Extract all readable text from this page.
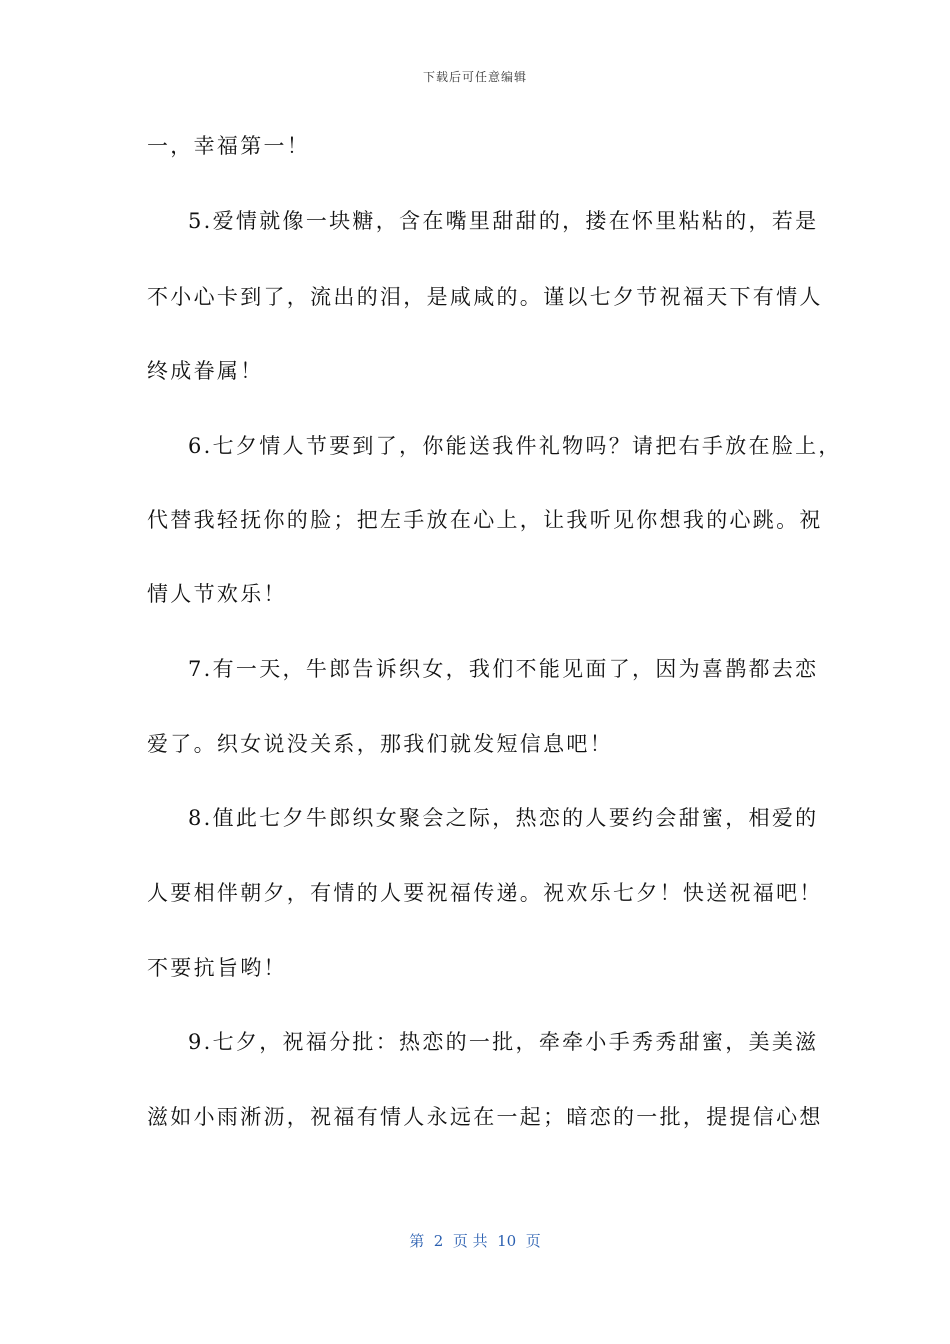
下载后可任意编辑
一，幸福第一！
5.爱情就像一块糖，含在嘴里甜甜的，搂在怀里粘粘的，若是
不小心卡到了，流出的泪，是咸咸的。谨以七夕节祝福天下有情人
终成眷属！
6.七夕情人节要到了，你能送我件礼物吗？请把右手放在脸上，
代替我轻抚你的脸；把左手放在心上，让我听见你想我的心跳。祝
情人节欢乐！
7.有一天，牛郎告诉织女，我们不能见面了，因为喜鹊都去恋
爱了。织女说没关系，那我们就发短信息吧！
8.值此七夕牛郎织女聚会之际，热恋的人要约会甜蜜，相爱的
人要相伴朝夕，有情的人要祝福传递。祝欢乐七夕！快送祝福吧！
不要抗旨哟！
9.七夕，祝福分批：热恋的一批，牵牵小手秀秀甜蜜，美美滋
滋如小雨淅沥，祝福有情人永远在一起；暗恋的一批，提提信心想
第  2  页 共  10  页
